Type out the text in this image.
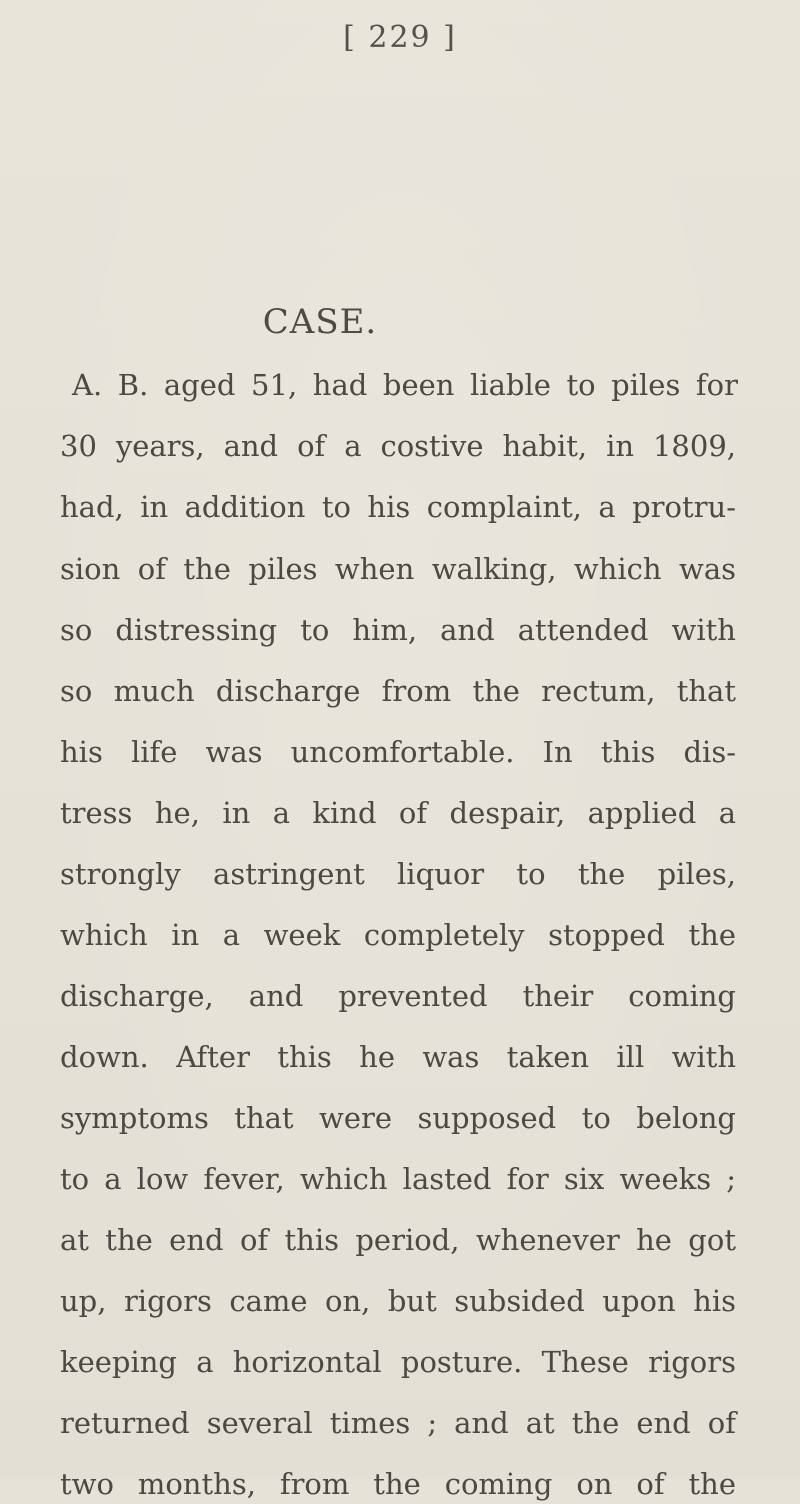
[ 229 ]
CASE.
A. B. aged 51, had been liable to piles for
30 years, and of a costive habit, in 1809,
had, in addition to his complaint, a protru-
sion of the piles when walking, which was
so distressing to him, and attended with
so much discharge from the rectum, that
his life was uncomfortable. In this dis-
tress he, in a kind of despair, applied a
strongly astringent liquor to the piles,
which in a week completely stopped the
discharge, and prevented their coming
down. After this he was taken ill with
symptoms that were supposed to belong
to a low fever, which lasted for six weeks ;
at the end of this period, whenever he got
up, rigors came on, but subsided upon his
keeping a horizontal posture. These rigors
returned several times ; and at the end of
two months, from the coming on of the
